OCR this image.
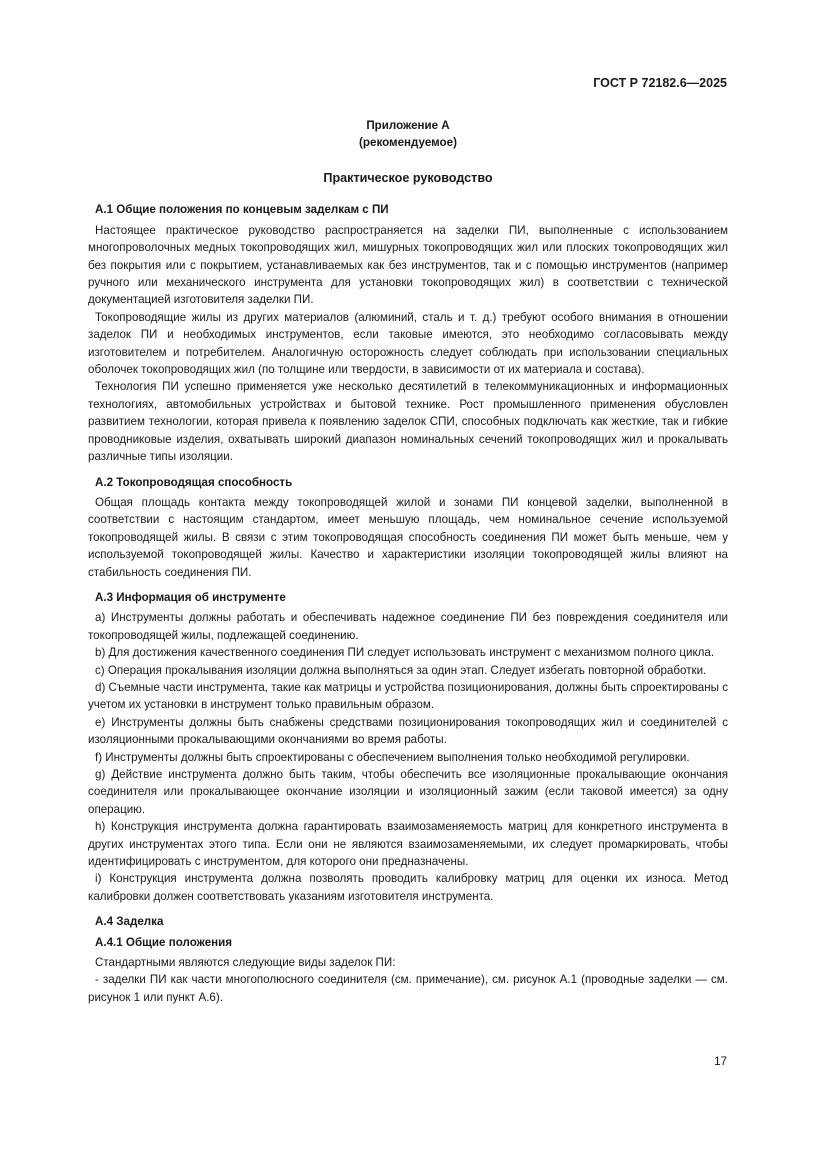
ГОСТ Р 72182.6—2025
Приложение А
(рекомендуемое)
Практическое руководство
А.1 Общие положения по концевым заделкам с ПИ

Настоящее практическое руководство распространяется на заделки ПИ, выполненные с использованием многопроволочных медных токопроводящих жил, мишурных токопроводящих жил или плоских токопроводящих жил без покрытия или с покрытием, устанавливаемых как без инструментов, так и с помощью инструментов (например ручного или механического инструмента для установки токопроводящих жил) в соответствии с технической документацией изготовителя заделки ПИ.

Токопроводящие жилы из других материалов (алюминий, сталь и т. д.) требуют особого внимания в отношении заделок ПИ и необходимых инструментов, если таковые имеются, это необходимо согласовывать между изготовителем и потребителем. Аналогичную осторожность следует соблюдать при использовании специальных оболочек токопроводящих жил (по толщине или твердости, в зависимости от их материала и состава).

Технология ПИ успешно применяется уже несколько десятилетий в телекоммуникационных и информационных технологиях, автомобильных устройствах и бытовой технике. Рост промышленного применения обусловлен развитием технологии, которая привела к появлению заделок СПИ, способных подключать как жесткие, так и гибкие проводниковые изделия, охватывать широкий диапазон номинальных сечений токопроводящих жил и прокалывать различные типы изоляции.

А.2 Токопроводящая способность

Общая площадь контакта между токопроводящей жилой и зонами ПИ концевой заделки, выполненной в соответствии с настоящим стандартом, имеет меньшую площадь, чем номинальное сечение используемой токопроводящей жилы. В связи с этим токопроводящая способность соединения ПИ может быть меньше, чем у используемой токопроводящей жилы. Качество и характеристики изоляции токопроводящей жилы влияют на стабильность соединения ПИ.

А.3 Информация об инструменте

а) Инструменты должны работать и обеспечивать надежное соединение ПИ без повреждения соединителя или токопроводящей жилы, подлежащей соединению.

b) Для достижения качественного соединения ПИ следует использовать инструмент с механизмом полного цикла.

c) Операция прокалывания изоляции должна выполняться за один этап. Следует избегать повторной обработки.

d) Съемные части инструмента, такие как матрицы и устройства позиционирования, должны быть спроектированы с учетом их установки в инструмент только правильным образом.

e) Инструменты должны быть снабжены средствами позиционирования токопроводящих жил и соединителей с изоляционными прокалывающими окончаниями во время работы.

f) Инструменты должны быть спроектированы с обеспечением выполнения только необходимой регулировки.

g) Действие инструмента должно быть таким, чтобы обеспечить все изоляционные прокалывающие окончания соединителя или прокалывающее окончание изоляции и изоляционный зажим (если таковой имеется) за одну операцию.

h) Конструкция инструмента должна гарантировать взаимозаменяемость матриц для конкретного инструмента в других инструментах этого типа. Если они не являются взаимозаменяемыми, их следует промаркировать, чтобы идентифицировать с инструментом, для которого они предназначены.

i) Конструкция инструмента должна позволять проводить калибровку матриц для оценки их износа. Метод калибровки должен соответствовать указаниям изготовителя инструмента.

А.4 Заделка
А.4.1 Общие положения

Стандартными являются следующие виды заделок ПИ:

- заделки ПИ как части многополюсного соединителя (см. примечание), см. рисунок А.1 (проводные заделки — см. рисунок 1 или пункт А.6).

17
